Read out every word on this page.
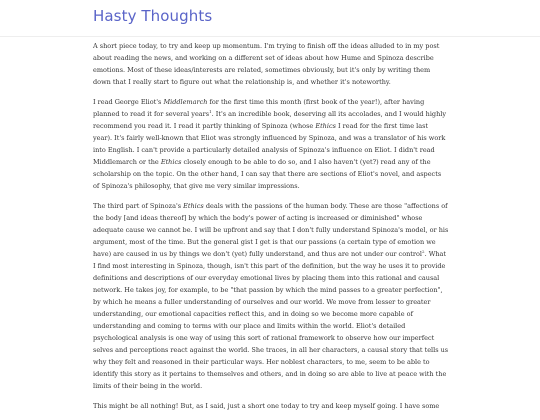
Hasty Thoughts

A short piece today, to try and keep up momentum. I'm trying to finish off the ideas alluded to in my post about reading the news, and working on a different set of ideas about how Hume and Spinoza describe emotions. Most of these ideas/interests are related, sometimes obviously, but it's only by writing them down that I really start to figure out what the relationship is, and whether it's noteworthy.

I read George Eliot's Middlemarch for the first time this month (first book of the year!), after having planned to read it for several years$^1$. It's an incredible book, deserving all its accolades, and I would highly recommend you read it. I read it partly thinking of Spinoza (whose Ethics I read for the first time last year). It's fairly well-known that Eliot was strongly influenced by Spinoza, and was a translator of his work into English. I can't provide a particularly detailed analysis of Spinoza's influence on Eliot. I didn't read Middlemarch or the Ethics closely enough to be able to do so, and I also haven't (yet?) read any of the scholarship on the topic. On the other hand, I can say that there are sections of Eliot's novel, and aspects of Spinoza's philosophy, that give me very similar impressions.

The third part of Spinoza's Ethics deals with the passions of the human body. These are those "affections of the body [and ideas thereof] by which the body's power of acting is increased or diminished" whose adequate cause we cannot be. I will be upfront and say that I don't fully understand Spinoza's model, or his argument, most of the time. But the general gist I get is that our passions (a certain type of emotion we have) are caused in us by things we don't (yet) fully understand, and thus are not under our control$^2$. What I find most interesting in Spinoza, though, isn't this part of the definition, but the way he uses it to provide definitions and descriptions of our everyday emotional lives by placing them into this rational and causal network. He takes joy, for example, to be "that passion by which the mind passes to a greater perfection", by which he means a fuller understanding of ourselves and our world. We move from lesser to greater understanding, our emotional capacities reflect this, and in doing so we become more capable of understanding and coming to terms with our place and limits within the world. Eliot's detailed psychological analysis is one way of using this sort of rational framework to observe how our imperfect selves and perceptions react against the world. She traces, in all her characters, a causal story that tells us why they felt and reasoned in their particular ways. Her noblest characters, to me, seem to be able to identify this story as it pertains to themselves and others, and in doing so are able to live at peace with the limits of their being in the world.

This might be all nothing! But, as I said, just a short one today to try and keep myself going. I have some
